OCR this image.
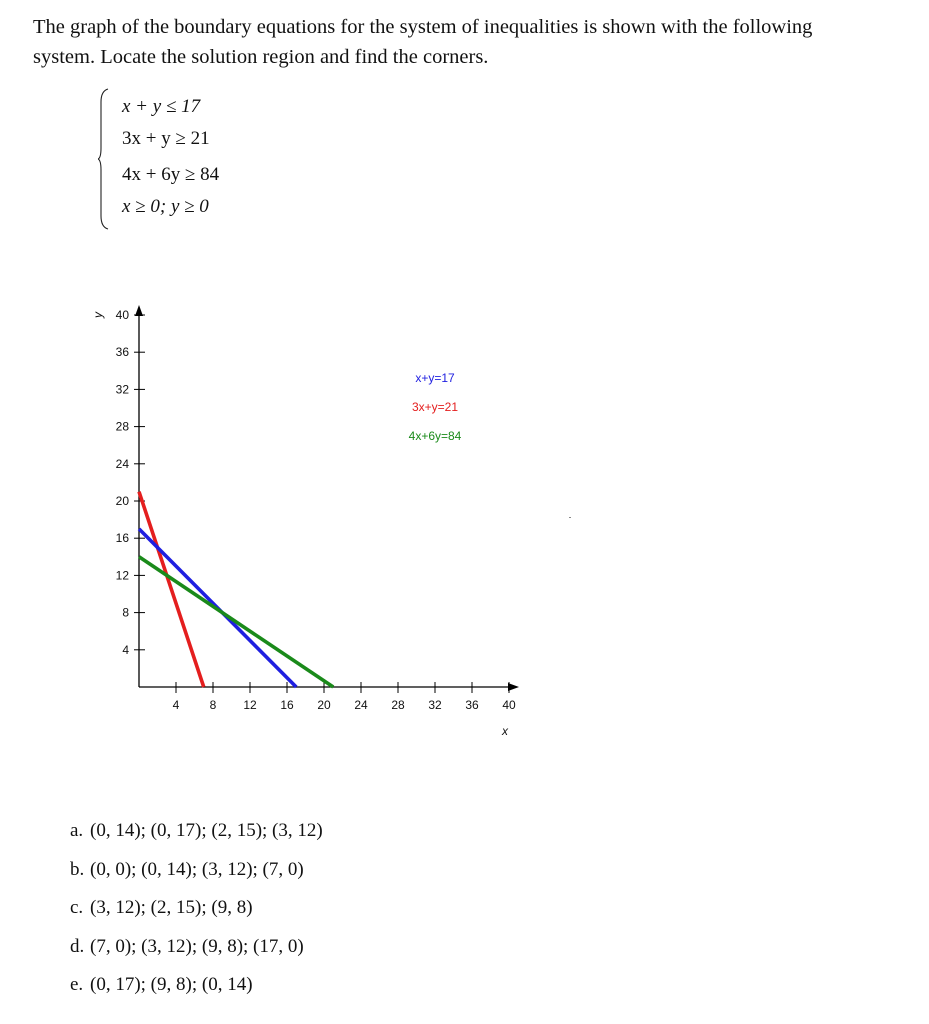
The graph of the boundary equations for the system of inequalities is shown with the following
system. Locate the solution region and find the corners.
x + y ≤ 17
3x + y ≥ 21
4x + 6y ≥ 84
x ≥ 0; y ≥ 0
4	8 12 16 20 24 28 32 36 40
4
8
12
16
20
24
28
32
36
40
x
y
x+y=17
3x+y=21
4x+6y=84
a. (0, 14); (0, 17); (2, 15); (3, 12)
b. (0, 0); (0, 14); (3, 12); (7, 0)
c. (3, 12); (2, 15); (9, 8)
d. (7, 0); (3, 12); (9, 8); (17, 0)
e. (0, 17); (9, 8); (0, 14)
